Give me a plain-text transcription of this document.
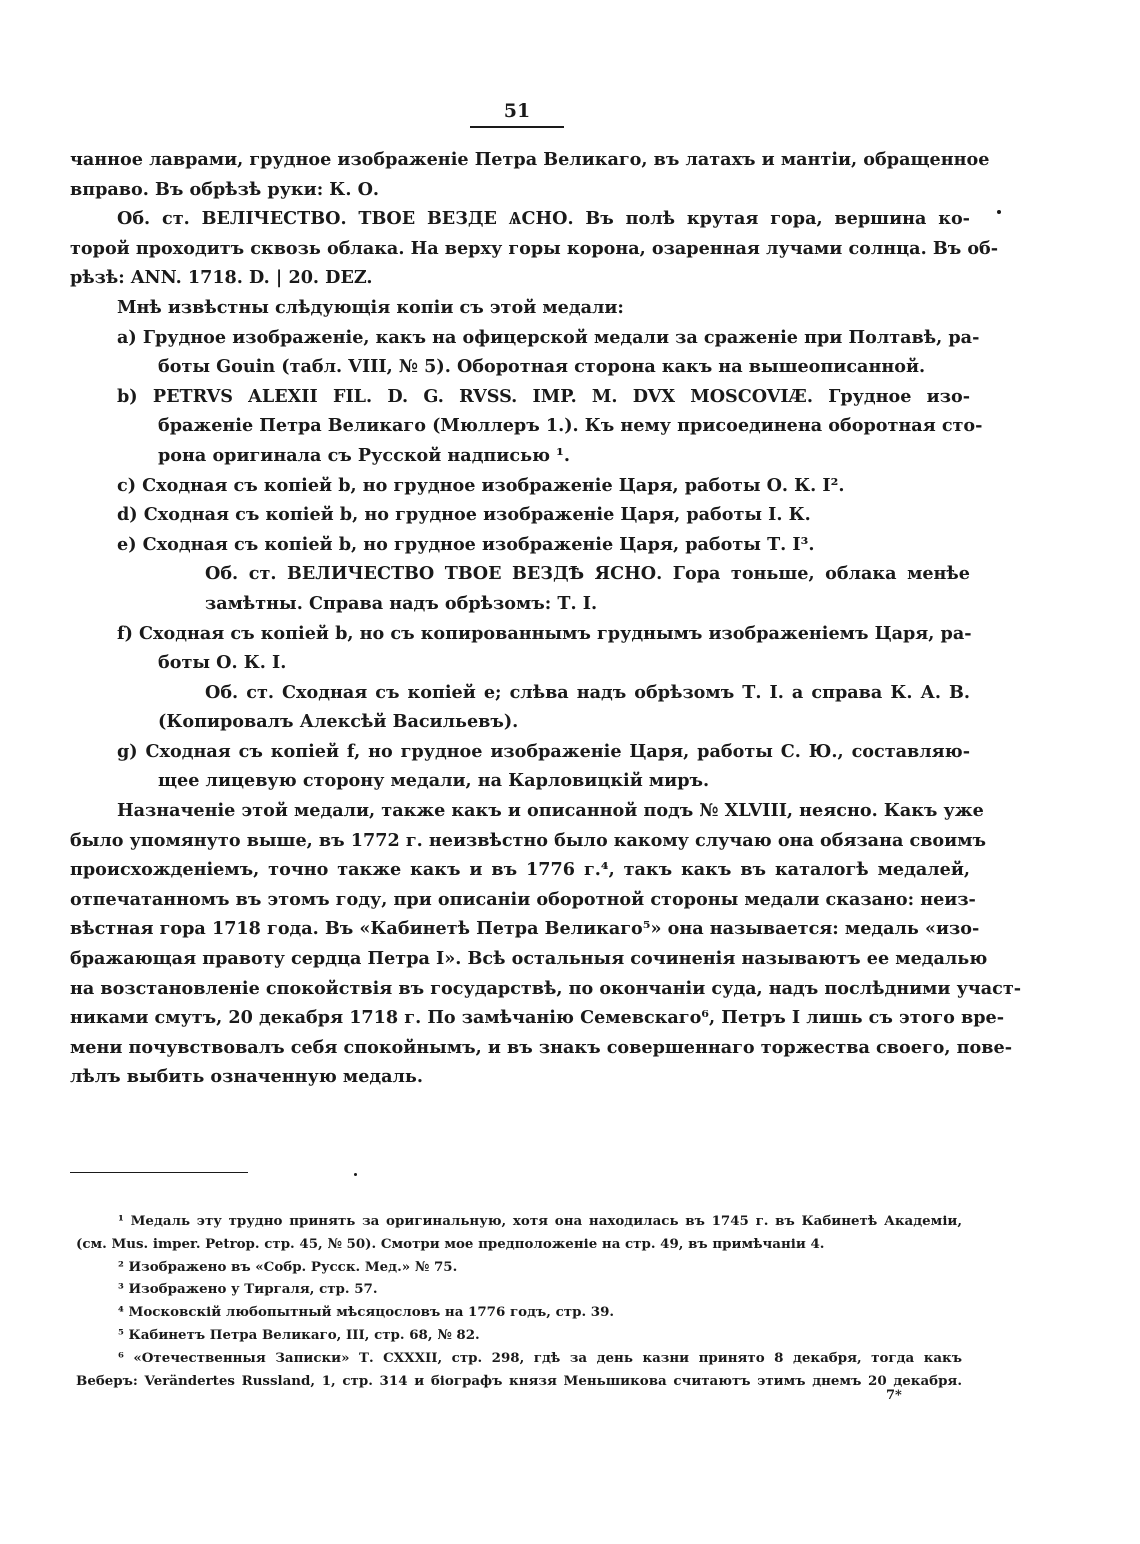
51
чанное лаврами, грудное изображеніе Петра Великаго, въ латахъ и мантіи, обращенное
вправо. Въ обрѣзѣ руки: К. О.
Об. ст. ВЕЛIЧЕСТВО. ТВОЕ ВЕЗДЕ ѦСНО. Въ полѣ крутая гора, вершина ко-
торой проходитъ сквозь облака. На верху горы корона, озаренная лучами солнца. Въ об-
рѣзѣ: ANN. 1718. D. | 20. DEZ.
Мнѣ извѣстны слѣдующія копіи съ этой медали:
a) Грудное изображеніе, какъ на офицерской медали за сраженіе при Полтавѣ, ра-
боты Gouin (табл. VIII, № 5). Оборотная сторона какъ на вышеописанной.
b) PETRVS ALEXII FIL. D. G. RVSS. IMP. M. DVX MOSCOVIÆ. Грудное изо-
браженіе Петра Великаго (Мюллеръ 1.). Къ нему присоединена оборотная сто-
рона оригинала съ Русской надписью ¹.
c) Сходная съ копіей b, но грудное изображеніе Царя, работы О. К. I².
d) Сходная съ копіей b, но грудное изображеніе Царя, работы I. К.
e) Сходная съ копіей b, но грудное изображеніе Царя, работы Т. I³.
Об. ст. ВЕЛИЧЕСТВО ТВОЕ ВЕЗДѢ ЯСНО. Гора тоньше, облака менѣе
замѣтны. Справа надъ обрѣзомъ: Т. I.
f) Сходная съ копіей b, но съ копированнымъ груднымъ изображеніемъ Царя, ра-
боты О. К. I.
Об. ст. Сходная съ копіей e; слѣва надъ обрѣзомъ Т. I. а справа К. А. В.
(Копировалъ Алексѣй Васильевъ).
g) Сходная съ копіей f, но грудное изображеніе Царя, работы С. Ю., составляю-
щее лицевую сторону медали, на Карловицкій миръ.
Назначеніе этой медали, также какъ и описанной подъ № XLVIII, неясно. Какъ уже
было упомянуто выше, въ 1772 г. неизвѣстно было какому случаю она обязана своимъ
происхожденіемъ, точно также какъ и въ 1776 г.⁴, такъ какъ въ каталогѣ медалей,
отпечатанномъ въ этомъ году, при описаніи оборотной стороны медали сказано: неиз-
вѣстная гора 1718 года. Въ «Кабинетѣ Петра Великаго⁵» она называется: медаль «изо-
бражающая правоту сердца Петра I». Всѣ остальныя сочиненія называютъ ее медалью
на возстановленіе спокойствія въ государствѣ, по окончаніи суда, надъ послѣдними участ-
никами смутъ, 20 декабря 1718 г. По замѣчанію Семевскаго⁶, Петръ I лишь съ этого вре-
мени почувствовалъ себя спокойнымъ, и въ знакъ совершеннаго торжества своего, пове-
лѣлъ выбить означенную медаль.
¹ Медаль эту трудно принять за оригинальную, хотя она находилась въ 1745 г. въ Кабинетѣ Академіи,
(см. Mus. imper. Petrop. стр. 45, № 50). Смотри мое предположеніе на стр. 49, въ примѣчаніи 4.
² Изображено въ «Собр. Русск. Мед.» № 75.
³ Изображено у Тиргаля, стр. 57.
⁴ Московскій любопытный мѣсяцословъ на 1776 годъ, стр. 39.
⁵ Кабинетъ Петра Великаго, III, стр. 68, № 82.
⁶ «Отечественныя Записки» Т. CXXXII, стр. 298, гдѣ за день казни принято 8 декабря, тогда какъ
Веберъ: Verändertes Russland, 1, стр. 314 и біографъ князя Меньшикова считаютъ этимъ днемъ 20 декабря.
7*
